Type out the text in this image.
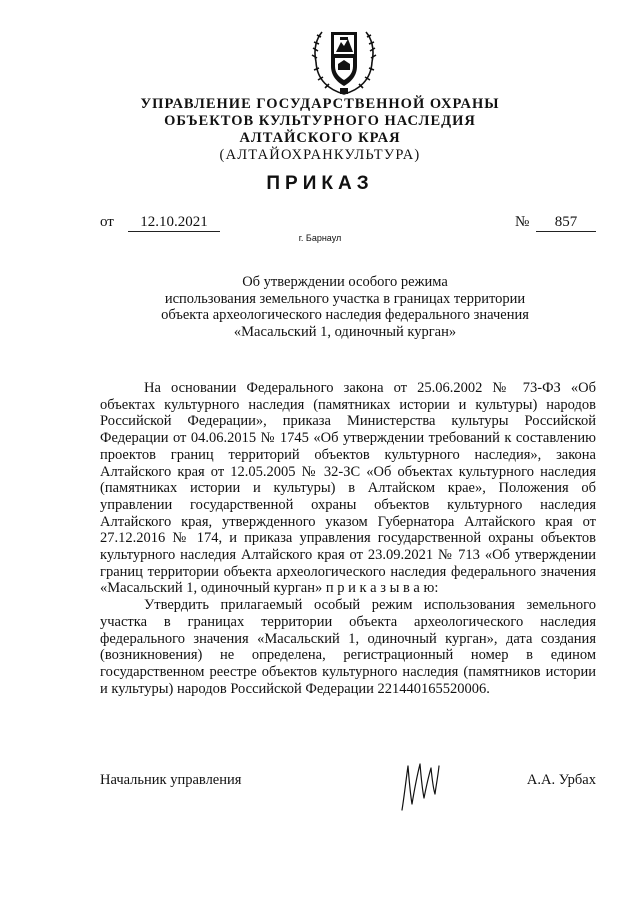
УПРАВЛЕНИЕ ГОСУДАРСТВЕННОЙ ОХРАНЫ
ОБЪЕКТОВ КУЛЬТУРНОГО НАСЛЕДИЯ
АЛТАЙСКОГО КРАЯ
(АЛТАЙОХРАНКУЛЬТУРА)
ПРИКАЗ
от	12.10.2021	№	857
г. Барнаул
Об утверждении особого режима
использования земельного участка в границах территории
объекта археологического наследия федерального значения
«Масальский 1, одиночный курган»

На основании Федерального закона от 25.06.2002 № 73-ФЗ «Об объектах культурного наследия (памятниках истории и культуры) народов Российской Федерации», приказа Министерства культуры Российской Федерации от 04.06.2015 № 1745 «Об утверждении требований к составлению проектов границ территорий объектов культурного наследия», закона Алтайского края от 12.05.2005 № 32-ЗС «Об объектах культурного наследия (памятниках истории и культуры) в Алтайском крае», Положения об управлении государственной охраны объектов культурного наследия Алтайского края, утвержденного указом Губернатора Алтайского края от 27.12.2016 № 174, и приказа управления государственной охраны объектов культурного наследия Алтайского края от 23.09.2021 № 713 «Об утверждении границ территории объекта археологического наследия федерального значения «Масальский 1, одиночный курган» п р и к а з ы в а ю:

Утвердить прилагаемый особый режим использования земельного участка в границах территории объекта археологического наследия федерального значения «Масальский 1, одиночный курган», дата создания (возникновения) не определена, регистрационный номер в едином государственном реестре объектов культурного наследия (памятников истории и культуры) народов Российской Федерации 221440165520006.

Начальник управления	А.А. Урбах
